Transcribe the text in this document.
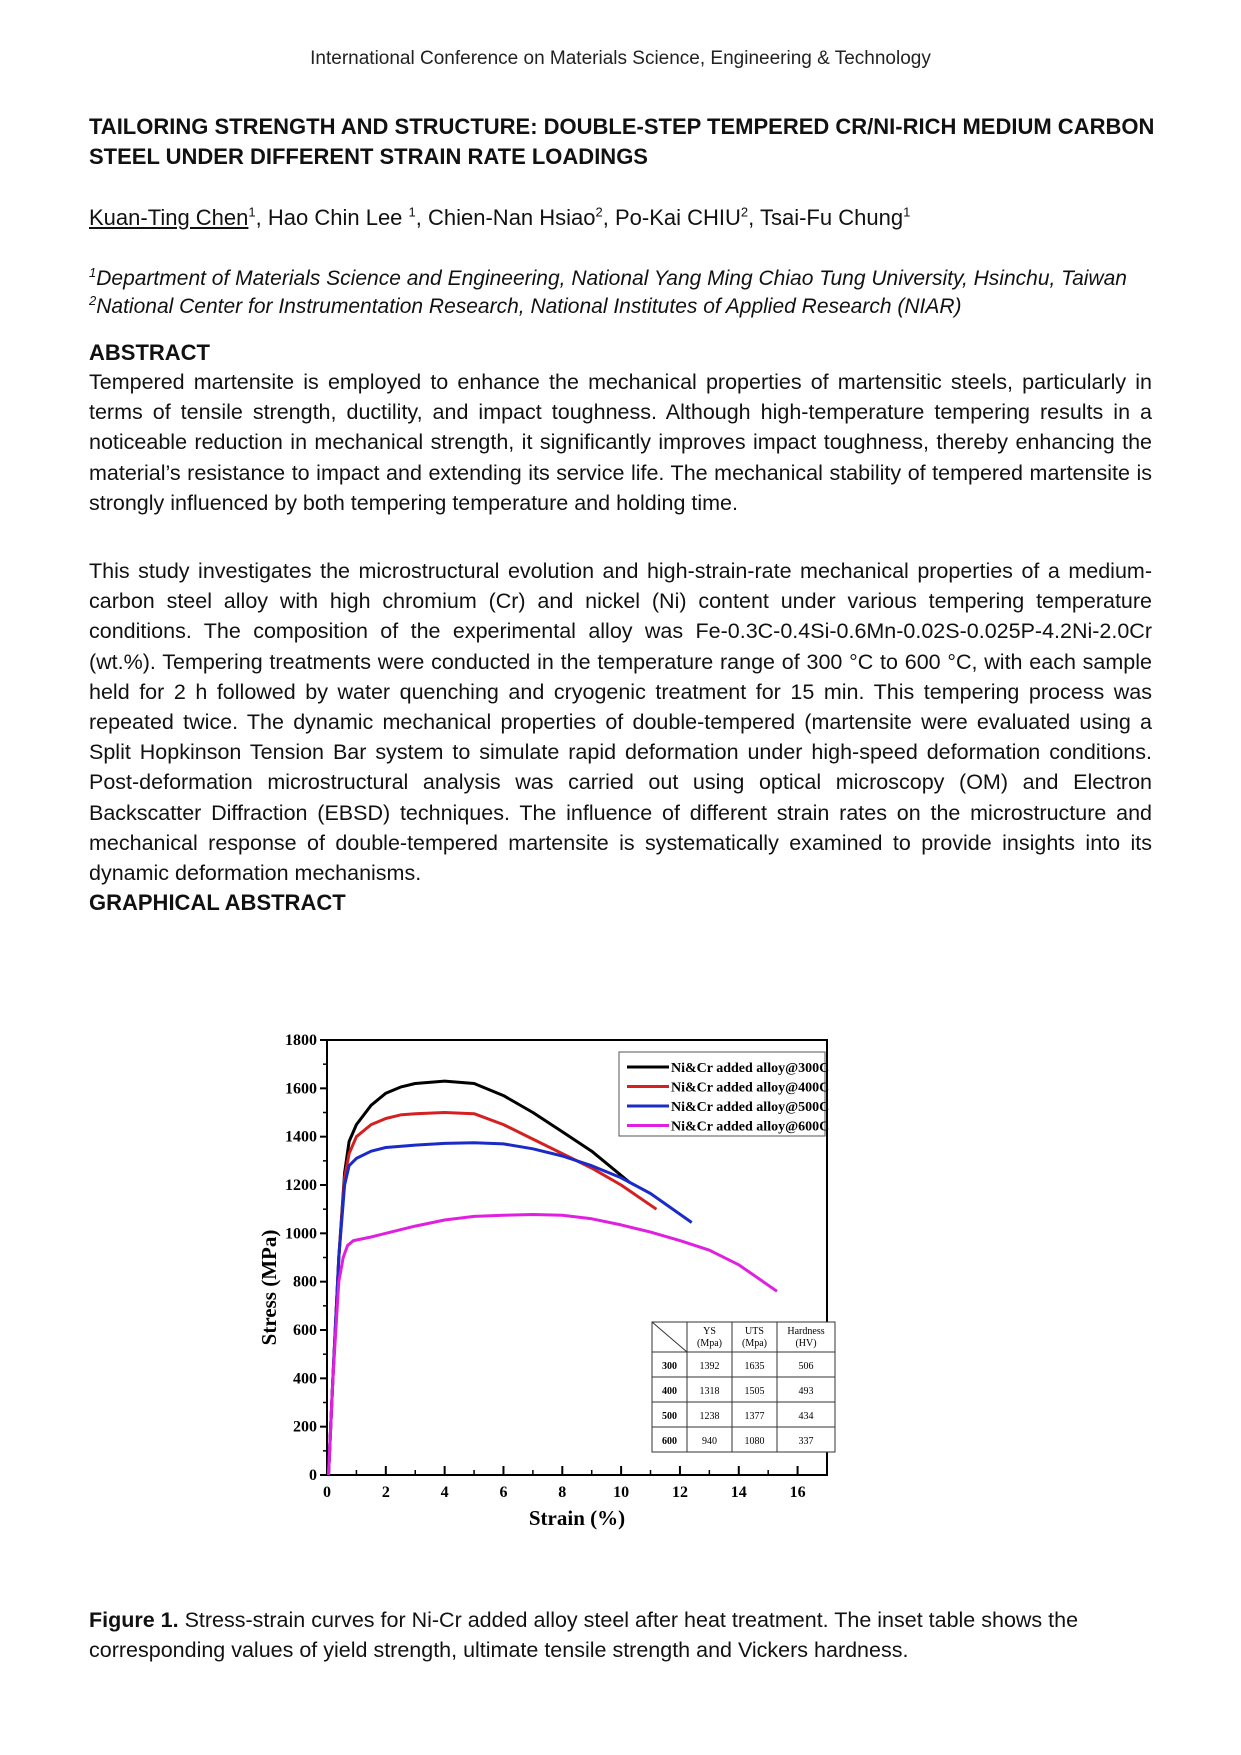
International Conference on Materials Science, Engineering & Technology
TAILORING STRENGTH AND STRUCTURE: DOUBLE-STEP TEMPERED CR/NI-RICH MEDIUM CARBON STEEL UNDER DIFFERENT STRAIN RATE LOADINGS
Kuan-Ting Chen$^1$, Hao Chin Lee $^1$, Chien-Nan Hsiao$^2$, Po-Kai CHIU$^2$, Tsai-Fu Chung$^1$
$^1$Department of Materials Science and Engineering, National Yang Ming Chiao Tung University, Hsinchu, Taiwan
$^2$National Center for Instrumentation Research, National Institutes of Applied Research (NIAR)
ABSTRACT

Tempered martensite is employed to enhance the mechanical properties of martensitic steels, particularly in terms of tensile strength, ductility, and impact toughness. Although high-temperature tempering results in a noticeable reduction in mechanical strength, it significantly improves impact toughness, thereby enhancing the material’s resistance to impact and extending its service life. The mechanical stability of tempered martensite is strongly influenced by both tempering temperature and holding time.

This study investigates the microstructural evolution and high-strain-rate mechanical properties of a medium-carbon steel alloy with high chromium (Cr) and nickel (Ni) content under various tempering temperature conditions. The composition of the experimental alloy was Fe-0.3C-0.4Si-0.6Mn-0.02S-0.025P-4.2Ni-2.0Cr (wt.%). Tempering treatments were conducted in the temperature range of 300 °C to 600 °C, with each sample held for 2 h followed by water quenching and cryogenic treatment for 15 min. This tempering process was repeated twice. The dynamic mechanical properties of double-tempered (martensite were evaluated using a Split Hopkinson Tension Bar system to simulate rapid deformation under high-speed deformation conditions. Post-deformation microstructural analysis was carried out using optical microscopy (OM) and Electron Backscatter Diffraction (EBSD) techniques. The influence of different strain rates on the microstructure and mechanical response of double-tempered martensite is systematically examined to provide insights into its dynamic deformation mechanisms.

GRAPHICAL ABSTRACT
0	2	4	6	8	10	12	14	16
0
200
400
600
800
1000
1200
1400
1600
1800
Strain (%)
Stress (MPa)
Ni&Cr added alloy@300C
Ni&Cr added alloy@400C
Ni&Cr added alloy@500C
Ni&Cr added alloy@600C
YS
(Mpa)
UTS
(Mpa)
Hardness
(HV)
300 1392	1635	506
400 1318	1505	493
500 1238	1377	434
600	940	1080	337
Figure 1. Stress-strain curves for Ni-Cr added alloy steel after heat treatment. The inset table shows the corresponding values of yield strength, ultimate tensile strength and Vickers hardness.
